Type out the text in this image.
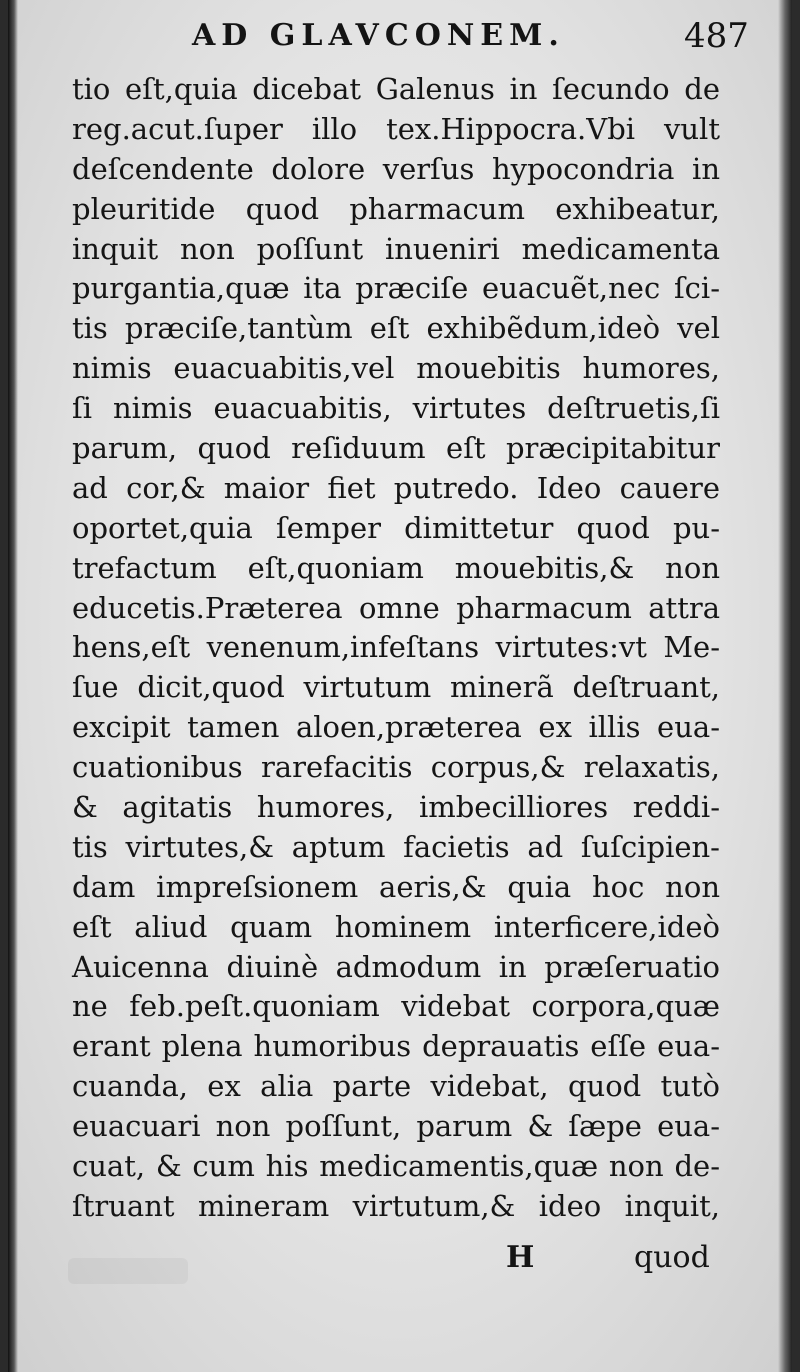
AD GLAVCONEM.	487
tio eſt,quia dicebat Galenus in ſecundo de
reg.acut.ſuper illo tex.Hippocra.Vbi vult
deſcendente dolore verſus hypocondria in
pleuritide quod pharmacum exhibeatur,
inquit non poſſunt inueniri medicamenta
purgantia,quæ ita præciſe euacuẽt,nec ſci-
tis præciſe,tantùm eſt exhibẽdum,ideò vel
nimis euacuabitis,vel mouebitis humores,
ſi nimis euacuabitis, virtutes deſtruetis,ſi
parum, quod reſiduum eſt præcipitabitur
ad cor,& maior fiet putredo. Ideo cauere
oportet,quia ſemper dimittetur quod pu-
trefactum eſt,quoniam mouebitis,& non
educetis.Præterea omne pharmacum attra
hens,eſt venenum,infeſtans virtutes:vt Me-
ſue dicit,quod virtutum minerã deſtruant,
excipit tamen aloen,præterea ex illis eua-
cuationibus rarefacitis corpus,& relaxatis,
& agitatis humores, imbecilliores reddi-
tis virtutes,& aptum facietis ad ſuſcipien-
dam impreſsionem aeris,& quia hoc non
eſt aliud quam hominem interficere,ideò
Auicenna diuinè admodum in præſeruatio
ne feb.peſt.quoniam videbat corpora,quæ
erant plena humoribus deprauatis eſſe eua-
cuanda, ex alia parte videbat, quod tutò
euacuari non poſſunt, parum & ſæpe eua-
cuat, & cum his medicamentis,quæ non de-
ſtruant mineram virtutum,& ideo inquit,
H	quod
